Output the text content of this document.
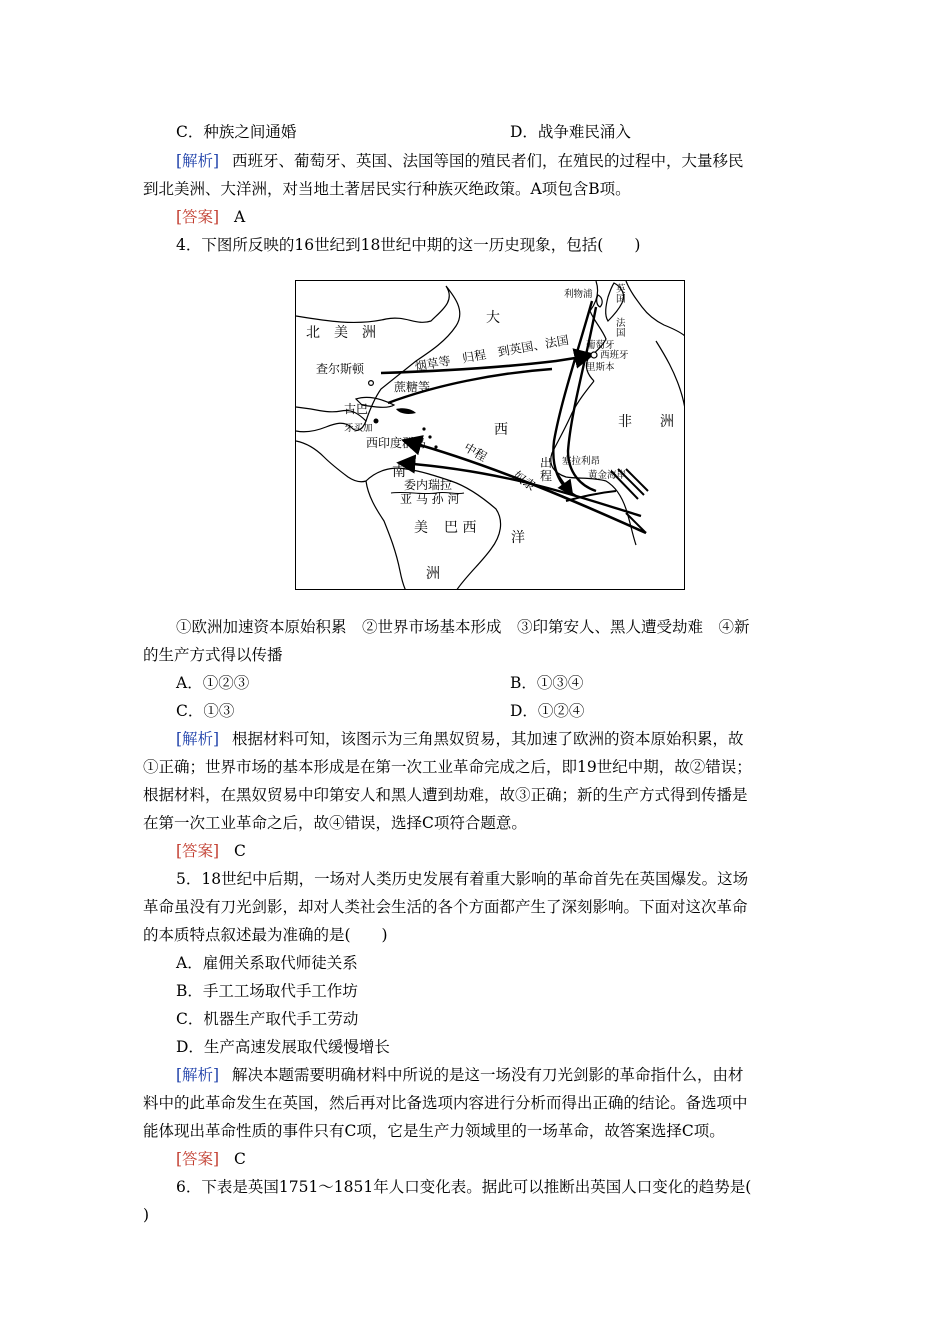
C．种族之间通婚	D．战争难民涌入
[解析] 西班牙、葡萄牙、英国、法国等国的殖民者们，在殖民的过程中，大量移民
到北美洲、大洋洲，对当地土著居民实行种族灭绝政策。A项包含B项。
[答案] A
4．下图所反映的16世纪到18世纪中期的这一历史现象，包括(　　)
北　美　洲
大
西
洋
非　　洲
南
美
洲
查尔斯顿
古巴
牙买加
西印度群岛
委内瑞拉
亚 马 孙 河
巴 西
利物浦 英国
法国
葡萄牙
西班牙
里斯本
塞拉利昂
黄金海岸
烟草等　归程　到英国、法国
蔗糖等
中程
奴隶
出　程
①欧洲加速资本原始积累　②世界市场基本形成　③印第安人、黑人遭受劫难　④新
的生产方式得以传播
A．①②③	B．①③④
C．①③	D．①②④
[解析] 根据材料可知，该图示为三角黑奴贸易，其加速了欧洲的资本原始积累，故
①正确；世界市场的基本形成是在第一次工业革命完成之后，即19世纪中期，故②错误；
根据材料，在黑奴贸易中印第安人和黑人遭到劫难，故③正确；新的生产方式得到传播是
在第一次工业革命之后，故④错误，选择C项符合题意。
[答案] C
5．18世纪中后期，一场对人类历史发展有着重大影响的革命首先在英国爆发。这场
革命虽没有刀光剑影，却对人类社会生活的各个方面都产生了深刻影响。下面对这次革命
的本质特点叙述最为准确的是(　　)
A．雇佣关系取代师徒关系
B．手工工场取代手工作坊
C．机器生产取代手工劳动
D．生产高速发展取代缓慢增长
[解析] 解决本题需要明确材料中所说的是这一场没有刀光剑影的革命指什么，由材
料中的此革命发生在英国，然后再对比备选项内容进行分析而得出正确的结论。备选项中
能体现出革命性质的事件只有C项，它是生产力领域里的一场革命，故答案选择C项。
[答案] C
6．下表是英国1751～1851年人口变化表。据此可以推断出英国人口变化的趋势是(
)
